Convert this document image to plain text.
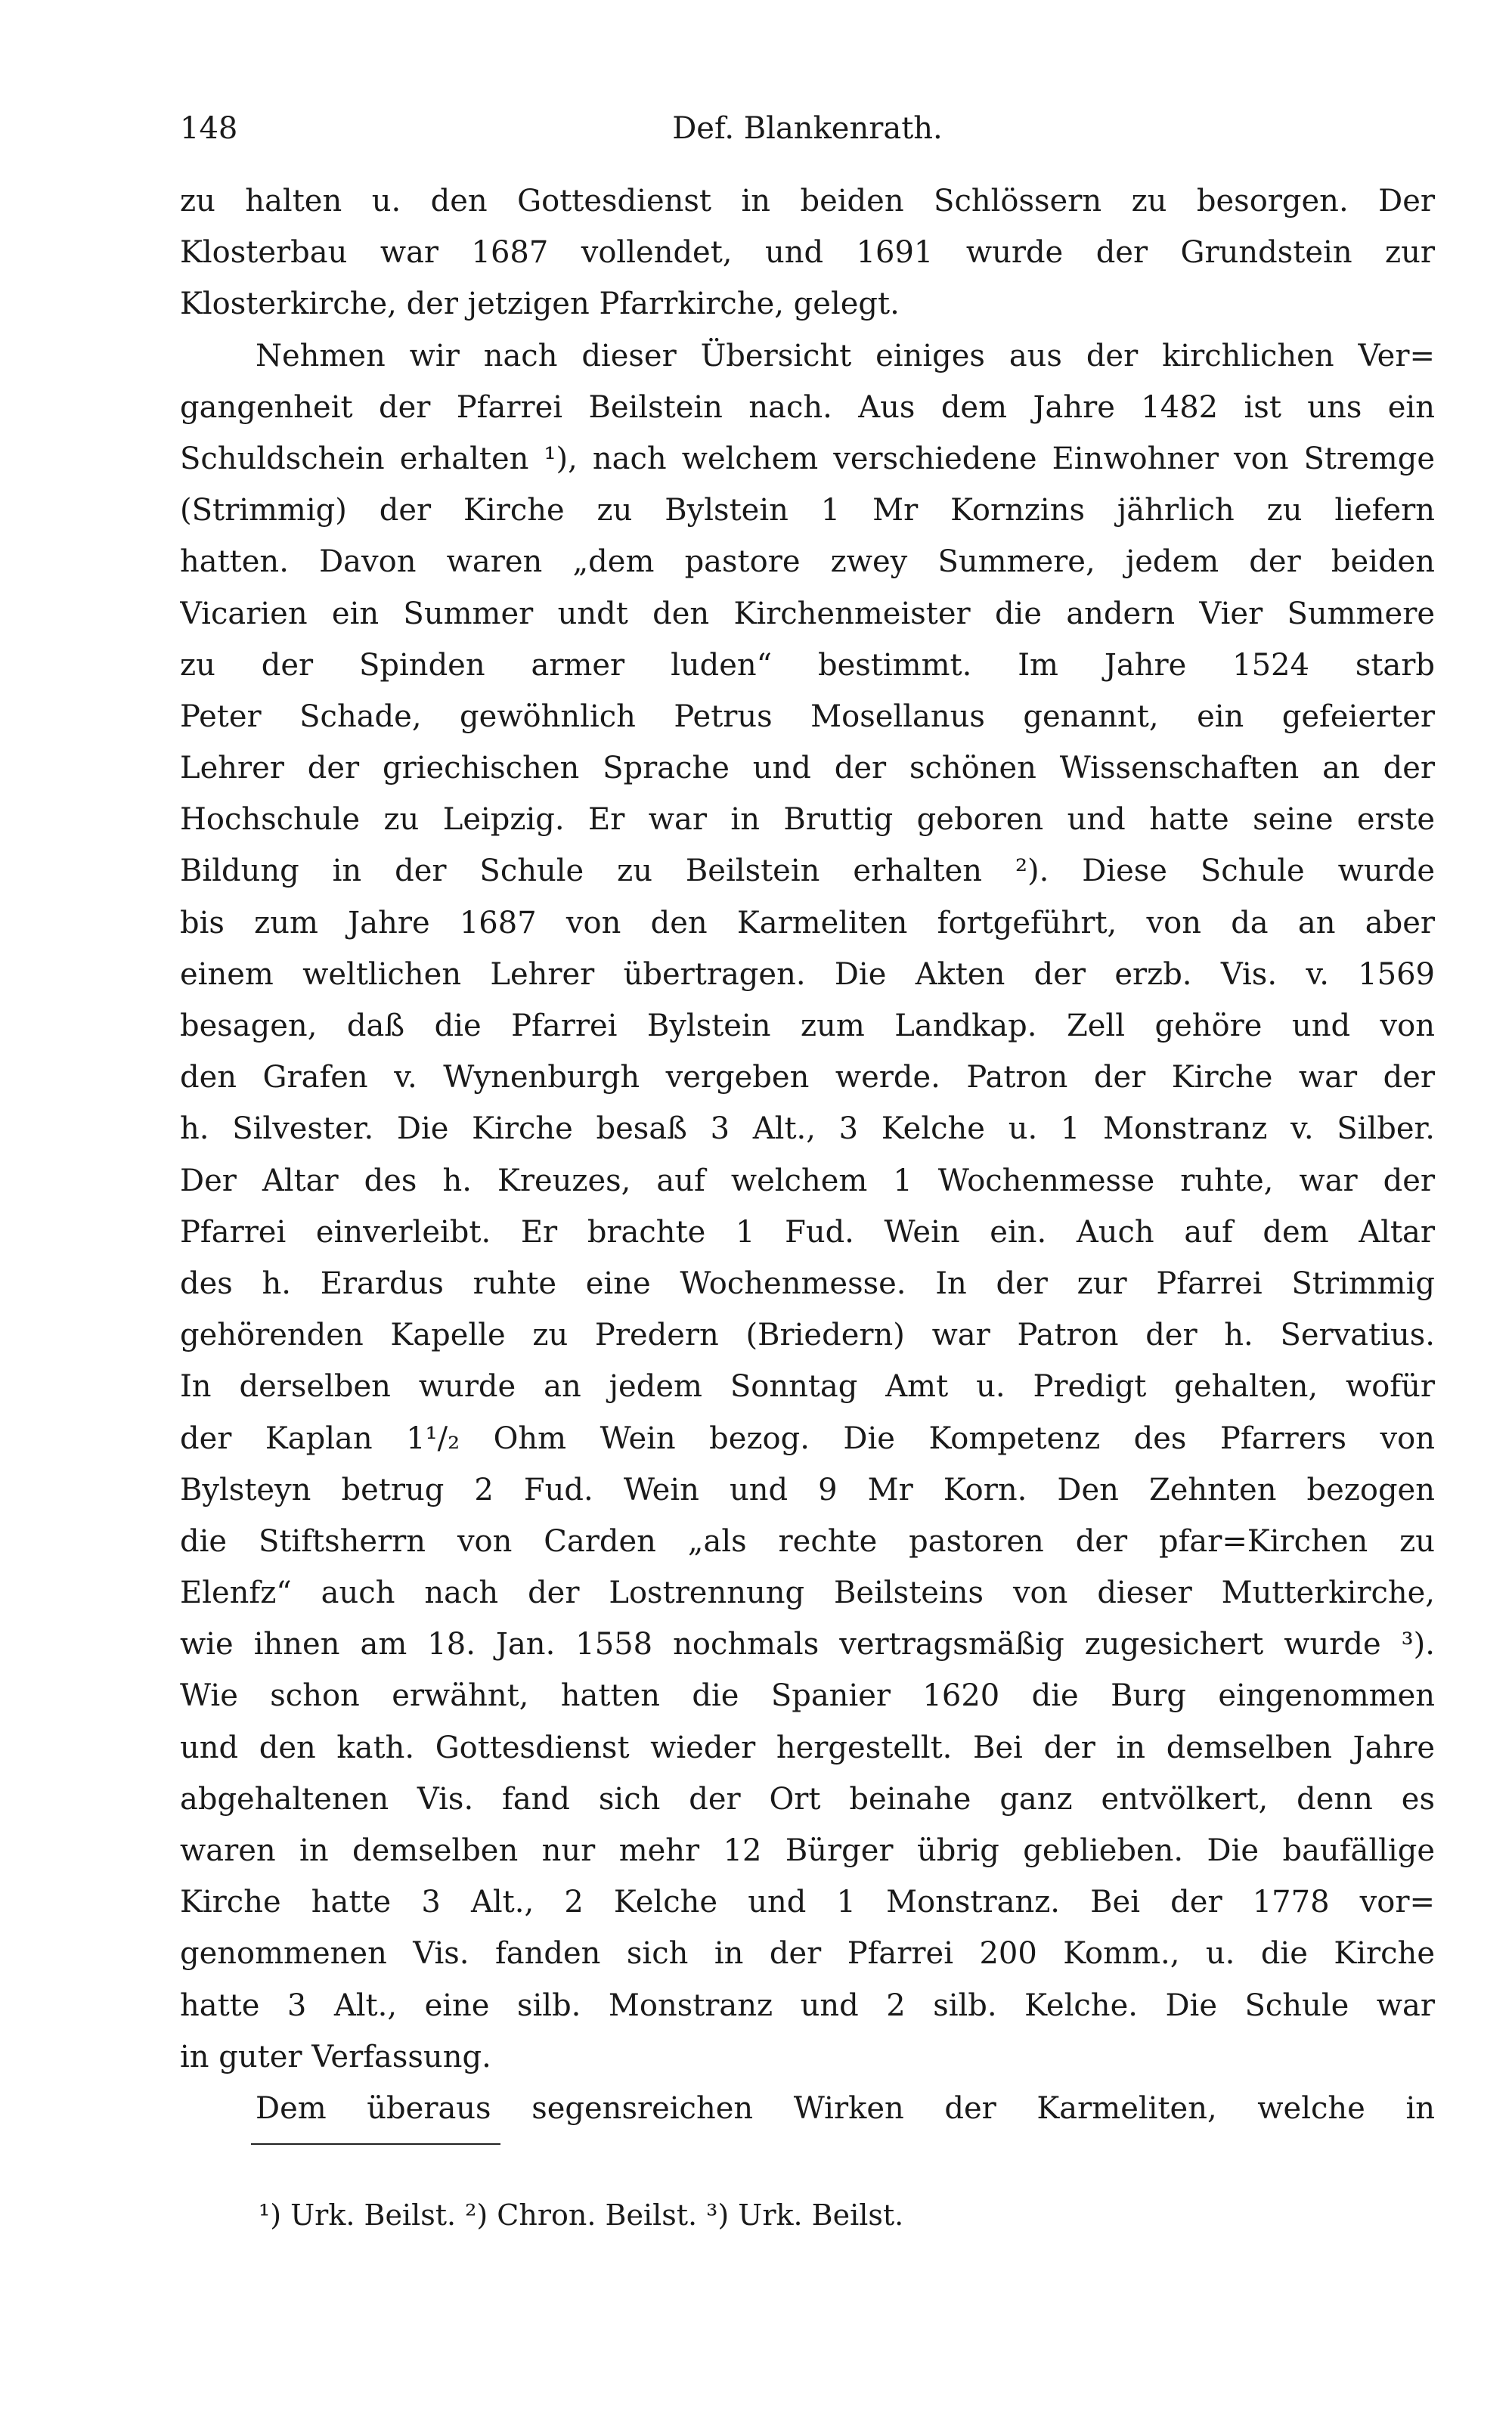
148	Def. Blankenrath.
zu halten u. den Gottesdienst in beiden Schlössern zu besorgen. Der
Klosterbau war 1687 vollendet, und 1691 wurde der Grundstein zur
Klosterkirche, der jetzigen Pfarrkirche, gelegt.
Nehmen wir nach dieser Übersicht einiges aus der kirchlichen Ver=
gangenheit der Pfarrei Beilstein nach. Aus dem Jahre 1482 ist uns ein
Schuldschein erhalten ¹), nach welchem verschiedene Einwohner von Stremge
(Strimmig) der Kirche zu Bylstein 1 Mr Kornzins jährlich zu liefern
hatten. Davon waren „dem pastore zwey Summere, jedem der beiden
Vicarien ein Summer undt den Kirchenmeister die andern Vier Summere
zu der Spinden armer luden“ bestimmt. Im Jahre 1524 starb
Peter Schade, gewöhnlich Petrus Mosellanus genannt, ein gefeierter
Lehrer der griechischen Sprache und der schönen Wissenschaften an der
Hochschule zu Leipzig. Er war in Bruttig geboren und hatte seine erste
Bildung in der Schule zu Beilstein erhalten ²). Diese Schule wurde
bis zum Jahre 1687 von den Karmeliten fortgeführt, von da an aber
einem weltlichen Lehrer übertragen. Die Akten der erzb. Vis. v. 1569
besagen, daß die Pfarrei Bylstein zum Landkap. Zell gehöre und von
den Grafen v. Wynenburgh vergeben werde. Patron der Kirche war der
h. Silvester. Die Kirche besaß 3 Alt., 3 Kelche u. 1 Monstranz v. Silber.
Der Altar des h. Kreuzes, auf welchem 1 Wochenmesse ruhte, war der
Pfarrei einverleibt. Er brachte 1 Fud. Wein ein. Auch auf dem Altar
des h. Erardus ruhte eine Wochenmesse. In der zur Pfarrei Strimmig
gehörenden Kapelle zu Predern (Briedern) war Patron der h. Servatius.
In derselben wurde an jedem Sonntag Amt u. Predigt gehalten, wofür
der Kaplan 1¹/₂ Ohm Wein bezog. Die Kompetenz des Pfarrers von
Bylsteyn betrug 2 Fud. Wein und 9 Mr Korn. Den Zehnten bezogen
die Stiftsherrn von Carden „als rechte pastoren der pfar=Kirchen zu
Elenfz“ auch nach der Lostrennung Beilsteins von dieser Mutterkirche,
wie ihnen am 18. Jan. 1558 nochmals vertragsmäßig zugesichert wurde ³).
Wie schon erwähnt, hatten die Spanier 1620 die Burg eingenommen
und den kath. Gottesdienst wieder hergestellt. Bei der in demselben Jahre
abgehaltenen Vis. fand sich der Ort beinahe ganz entvölkert, denn es
waren in demselben nur mehr 12 Bürger übrig geblieben. Die baufällige
Kirche hatte 3 Alt., 2 Kelche und 1 Monstranz. Bei der 1778 vor=
genommenen Vis. fanden sich in der Pfarrei 200 Komm., u. die Kirche
hatte 3 Alt., eine silb. Monstranz und 2 silb. Kelche. Die Schule war
in guter Verfassung.
Dem überaus segensreichen Wirken der Karmeliten, welche in
¹) Urk. Beilst. ²) Chron. Beilst. ³) Urk. Beilst.
